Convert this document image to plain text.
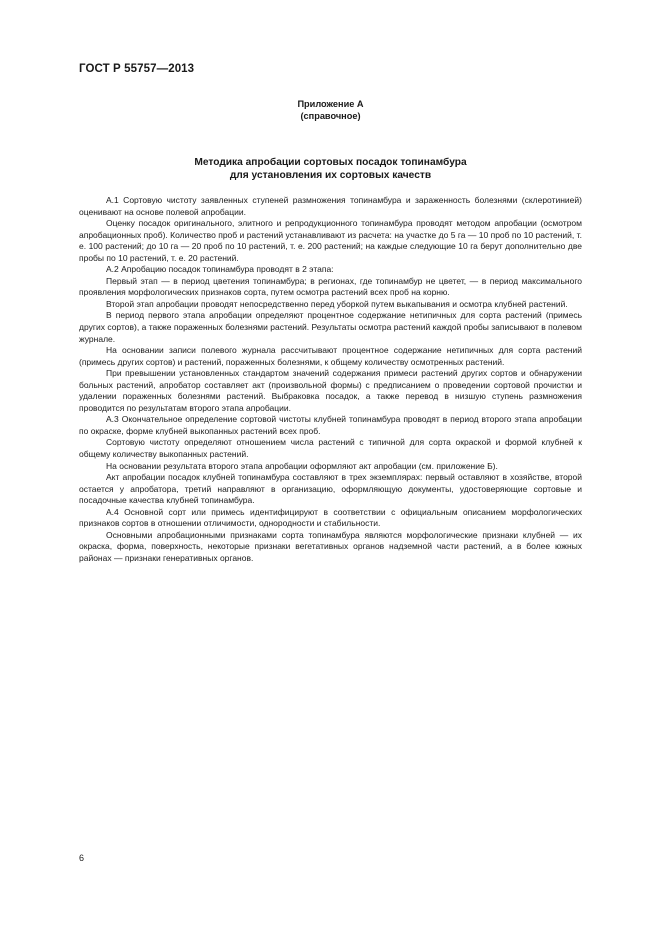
ГОСТ Р 55757—2013
Приложение А
(справочное)
Методика апробации сортовых посадок топинамбура
для установления их сортовых качеств

А.1 Сортовую чистоту заявленных ступеней размножения топинамбура и зараженность болезнями (склеротинией) оценивают на основе полевой апробации.

Оценку посадок оригинального, элитного и репродукционного топинамбура проводят методом апробации (осмотром апробационных проб). Количество проб и растений устанавливают из расчета: на участке до 5 га — 10 проб по 10 растений, т. е. 100 растений; до 10 га — 20 проб по 10 растений, т. е. 200 растений; на каждые следующие 10 га берут дополнительно две пробы по 10 растений, т. е. 20 растений.

А.2 Апробацию посадок топинамбура проводят в 2 этапа:

Первый этап — в период цветения топинамбура; в регионах, где топинамбур не цветет, — в период максимального проявления морфологических признаков сорта, путем осмотра растений всех проб на корню.

Второй этап апробации проводят непосредственно перед уборкой путем выкапывания и осмотра клубней растений.

В период первого этапа апробации определяют процентное содержание нетипичных для сорта растений (примесь других сортов), а также пораженных болезнями растений. Результаты осмотра растений каждой пробы записывают в полевом журнале.

На основании записи полевого журнала рассчитывают процентное содержание нетипичных для сорта растений (примесь других сортов) и растений, пораженных болезнями, к общему количеству осмотренных растений.

При превышении установленных стандартом значений содержания примеси растений других сортов и обнаружении больных растений, апробатор составляет акт (произвольной формы) с предписанием о проведении сортовой прочистки и удалении пораженных болезнями растений. Выбраковка посадок, а также перевод в низшую ступень размножения проводится по результатам второго этапа апробации.

А.3 Окончательное определение сортовой чистоты клубней топинамбура проводят в период второго этапа апробации по окраске, форме клубней выкопанных растений всех проб.

Сортовую чистоту определяют отношением числа растений с типичной для сорта окраской и формой клубней к общему количеству выкопанных растений.

На основании результата второго этапа апробации оформляют акт апробации (см. приложение Б).

Акт апробации посадок клубней топинамбура составляют в трех экземплярах: первый оставляют в хозяйстве, второй остается у апробатора, третий направляют в организацию, оформляющую документы, удостоверяющие сортовые и посадочные качества клубней топинамбура.

А.4 Основной сорт или примесь идентифицируют в соответствии с официальным описанием морфологических признаков сортов в отношении отличимости, однородности и стабильности.

Основными апробационными признаками сорта топинамбура являются морфологические признаки клубней — их окраска, форма, поверхность, некоторые признаки вегетативных органов надземной части растений, а в более южных районах — признаки генеративных органов.

6
